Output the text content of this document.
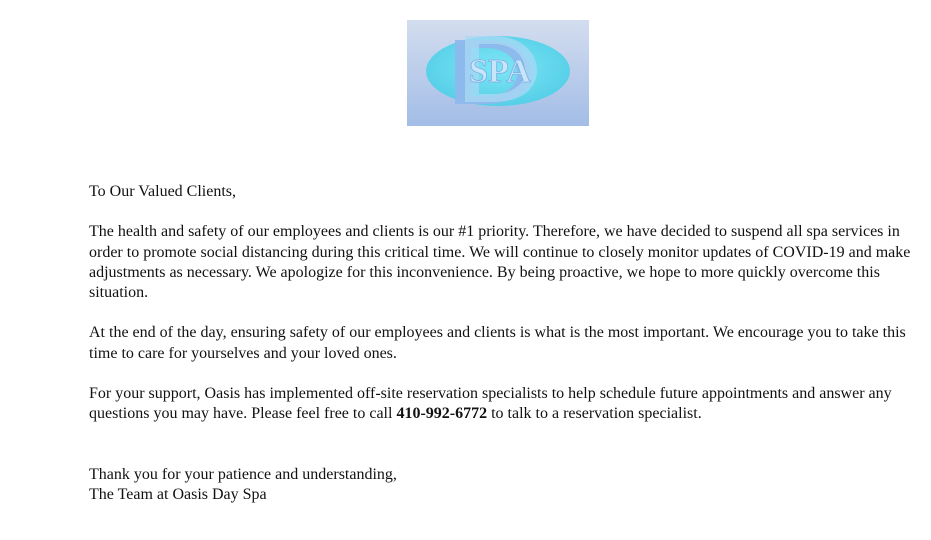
SPA

To Our Valued Clients,

The health and safety of our employees and clients is our #1 priority. Therefore, we have decided to suspend all spa services in order to promote social distancing during this critical time. We will continue to closely monitor updates of COVID-19 and make adjustments as necessary. We apologize for this inconvenience. By being proactive, we hope to more quickly overcome this situation.

At the end of the day, ensuring safety of our employees and clients is what is the most important. We encourage you to take this time to care for yourselves and your loved ones.

For your support, Oasis has implemented off-site reservation specialists to help schedule future appointments and answer any questions you may have. Please feel free to call 410-992-6772 to talk to a reservation specialist.

Thank you for your patience and understanding,

The Team at Oasis Day Spa
